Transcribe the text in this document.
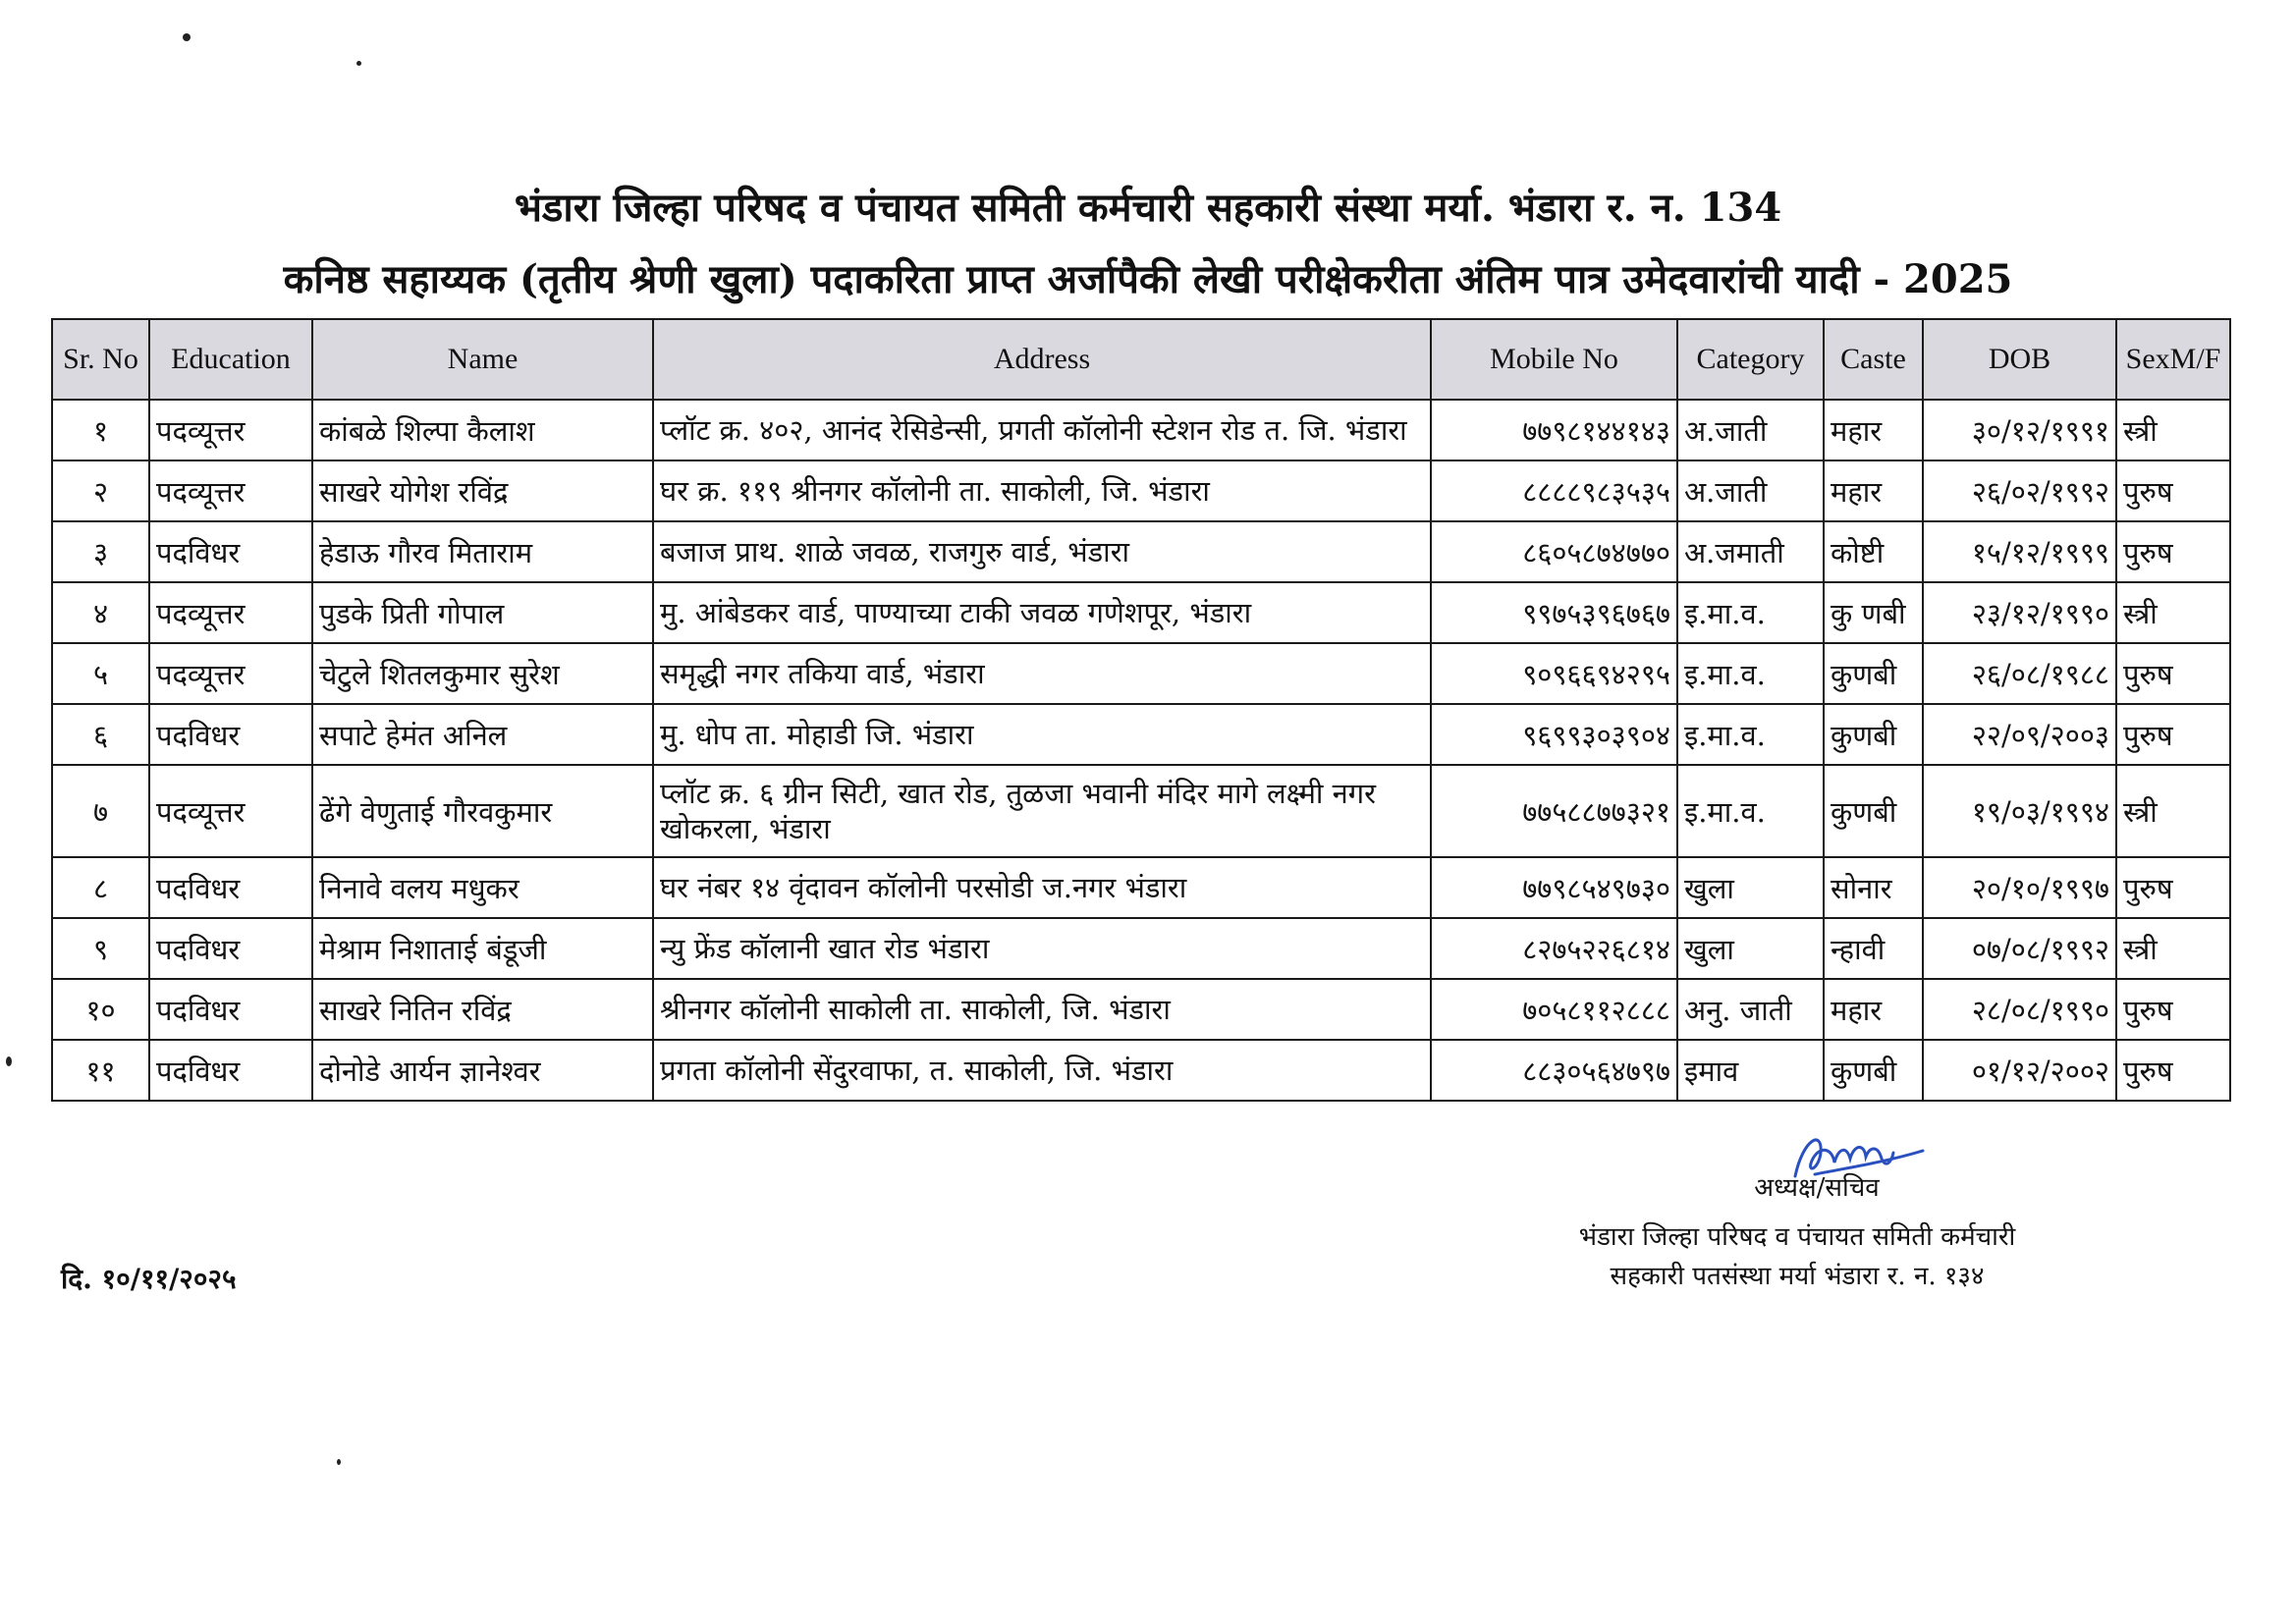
भंडारा जिल्हा परिषद व पंचायत समिती कर्मचारी सहकारी संस्था मर्या. भंडारा र. न. 134
कनिष्ठ सहाय्यक (तृतीय श्रेणी खुला) पदाकरिता प्राप्त अर्जापैकी लेखी परीक्षेकरीता अंतिम पात्र उमेदवारांची यादी - 2025
Sr. No	Education	Name	Address	Mobile No	Category	Caste	DOB	SexM/F
१	पदव्यूत्तर	कांबळे शिल्पा कैलाश	प्लॉट क्र. ४०२, आनंद रेसिडेन्सी, प्रगती कॉलोनी स्टेशन रोड त. जि. भंडारा	७७९८१४४१४३	अ.जाती	महार	३०/१२/१९९१	स्त्री
२	पदव्यूत्तर	साखरे योगेश रविंद्र	घर क्र. ११९ श्रीनगर कॉलोनी ता. साकोली, जि. भंडारा	८८८८९८३५३५	अ.जाती	महार	२६/०२/१९९२	पुरुष
३	पदविधर	हेडाऊ गौरव मिताराम	बजाज प्राथ. शाळे जवळ, राजगुरु वार्ड, भंडारा	८६०५८७४७७०	अ.जमाती	कोष्टी	१५/१२/१९९९	पुरुष
४	पदव्यूत्तर	पुडके प्रिती गोपाल	मु. आंबेडकर वार्ड, पाण्याच्या टाकी जवळ गणेशपूर, भंडारा	९९७५३९६७६७	इ.मा.व.	कु णबी	२३/१२/१९९०	स्त्री
५	पदव्यूत्तर	चेटुले शितलकुमार सुरेश	समृद्धी नगर तकिया वार्ड, भंडारा	९०९६६९४२९५	इ.मा.व.	कुणबी	२६/०८/१९८८	पुरुष
६	पदविधर	सपाटे हेमंत अनिल	मु. धोप ता. मोहाडी जि. भंडारा	९६९९३०३९०४	इ.मा.व.	कुणबी	२२/०९/२००३	पुरुष
७	पदव्यूत्तर	ढेंगे वेणुताई गौरवकुमार	प्लॉट क्र. ६ ग्रीन सिटी, खात रोड, तुळजा भवानी मंदिर मागे लक्ष्मी नगर खोकरला, भंडारा	७७५८८७७३२१	इ.मा.व.	कुणबी	१९/०३/१९९४	स्त्री
८	पदविधर	निनावे वलय मधुकर	घर नंबर १४ वृंदावन कॉलोनी परसोडी ज.नगर भंडारा	७७९८५४९७३०	खुला	सोनार	२०/१०/१९९७	पुरुष
९	पदविधर	मेश्राम निशाताई बंडूजी	न्यु फ्रेंड कॉलानी खात रोड भंडारा	८२७५२२६८१४	खुला	न्हावी	०७/०८/१९९२	स्त्री
१०	पदविधर	साखरे नितिन रविंद्र	श्रीनगर कॉलोनी साकोली ता. साकोली, जि. भंडारा	७०५८११२८८८	अनु. जाती	महार	२८/०८/१९९०	पुरुष
११	पदविधर	दोनोडे आर्यन ज्ञानेश्वर	प्रगता कॉलोनी सेंदुरवाफा, त. साकोली, जि. भंडारा	८८३०५६४७९७	इमाव	कुणबी	०१/१२/२००२	पुरुष
अध्यक्ष/सचिव
भंडारा जिल्हा परिषद व पंचायत समिती कर्मचारी
सहकारी पतसंस्था मर्या भंडारा र. न. १३४
दि. १०/११/२०२५
